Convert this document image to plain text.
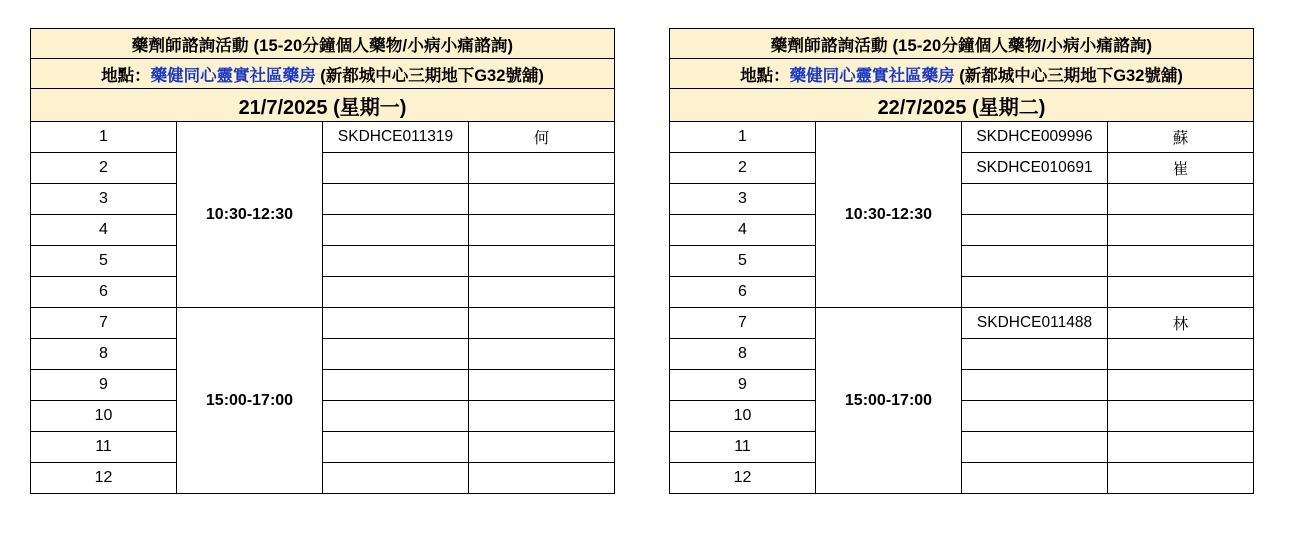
藥劑師諮詢活動 (15-20分鐘個人藥物/小病小痛諮詢)			
地點：藥健同心靈實社區藥房 (新都城中心三期地下G32號舖)			
21/7/2025 (星期一)			
1	10:30-12:30	SKDHCE011319	何
2			
3			
4			
5			
6			
7	15:00-17:00		
8			
9			
10			
11			
12			
藥劑師諮詢活動 (15-20分鐘個人藥物/小病小痛諮詢)			
地點：藥健同心靈實社區藥房 (新都城中心三期地下G32號舖)			
22/7/2025 (星期二)			
1	10:30-12:30	SKDHCE009996	蘇
2		SKDHCE010691	崔
3			
4			
5			
6			
7	15:00-17:00	SKDHCE011488	林
8			
9			
10			
11			
12			
